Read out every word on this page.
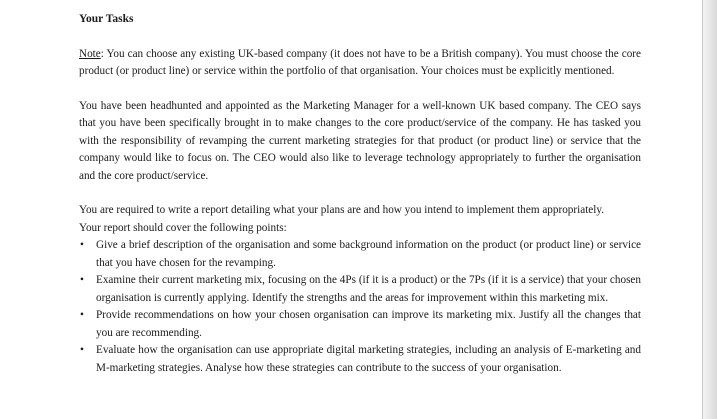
Your Tasks

Note: You can choose any existing UK-based company (it does not have to be a British company). You must choose the core product (or product line) or service within the portfolio of that organisation. Your choices must be explicitly mentioned.

You have been headhunted and appointed as the Marketing Manager for a well-known UK based company. The CEO says that you have been specifically brought in to make changes to the core product/service of the company. He has tasked you with the responsibility of revamping the current marketing strategies for that product (or product line) or service that the company would like to focus on. The CEO would also like to leverage technology appropriately to further the organisation and the core product/service.

You are required to write a report detailing what your plans are and how you intend to implement them appropriately.

Your report should cover the following points:

• Give a brief description of the organisation and some background information on the product (or product line) or service that you have chosen for the revamping.
• Examine their current marketing mix, focusing on the 4Ps (if it is a product) or the 7Ps (if it is a service) that your chosen organisation is currently applying. Identify the strengths and the areas for improvement within this marketing mix.
• Provide recommendations on how your chosen organisation can improve its marketing mix. Justify all the changes that you are recommending.
• Evaluate how the organisation can use appropriate digital marketing strategies, including an analysis of E-marketing and M-marketing strategies. Analyse how these strategies can contribute to the success of your organisation.
